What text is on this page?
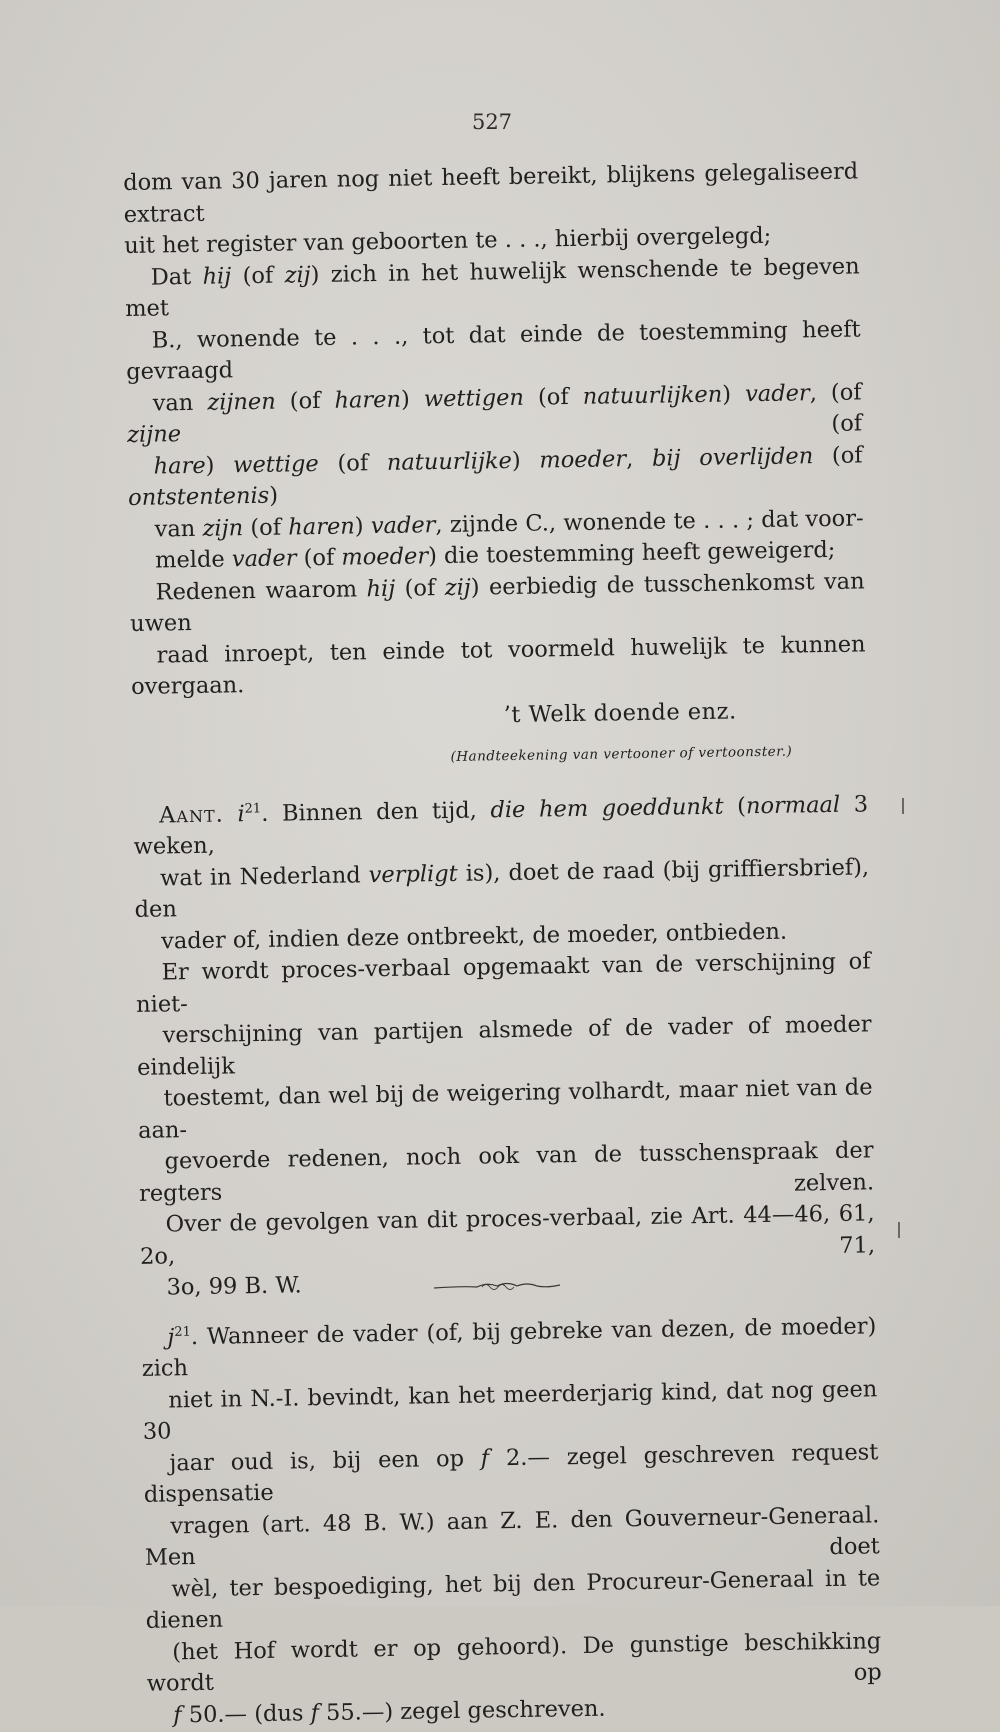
527

dom van 30 jaren nog niet heeft bereikt, blijkens gelegaliseerd extract
uit het register van geboorten te . . ., hierbij overgelegd;

Dat hij (of zij) zich in het huwelijk wenschende te begeven met
B., wonende te . . ., tot dat einde de toestemming heeft gevraagd
van zijnen (of haren) wettigen (of natuurlijken) vader, (of zijne (of
hare) wettige (of natuurlijke) moeder, bij overlijden (of ontstentenis)
van zijn (of haren) vader, zijnde C., wonende te . . . ; dat voor-
melde vader (of moeder) die toestemming heeft geweigerd;

Redenen waarom hij (of zij) eerbiedig de tusschenkomst van uwen
raad inroept, ten einde tot voormeld huwelijk te kunnen overgaan.

’t Welk doende enz.

(Handteekening van vertooner of vertoonster.)

Aant. $i^{21}$. Binnen den tijd, die hem goeddunkt (normaal 3 weken,
wat in Nederland verpligt is), doet de raad (bij griffiersbrief), den
vader of, indien deze ontbreekt, de moeder, ontbieden.

Er wordt proces-verbaal opgemaakt van de verschijning of niet-
verschijning van partijen alsmede of de vader of moeder eindelijk
toestemt, dan wel bij de weigering volhardt, maar niet van de aan-
gevoerde redenen, noch ook van de tusschenspraak der regters zelven.
Over de gevolgen van dit proces-verbaal, zie Art. 44—46, 61, 2o, 71,
3o, 99 B. W.

$j^{21}$. Wanneer de vader (of, bij gebreke van dezen, de moeder) zich
niet in N.-I. bevindt, kan het meerderjarig kind, dat nog geen 30
jaar oud is, bij een op f 2.— zegel geschreven request dispensatie
vragen (art. 48 B. W.) aan Z. E. den Gouverneur-Generaal. Men doet
wèl, ter bespoediging, het bij den Procureur-Generaal in te dienen
(het Hof wordt er op gehoord). De gunstige beschikking wordt op
f 50.— (dus f 55.—) zegel geschreven.
